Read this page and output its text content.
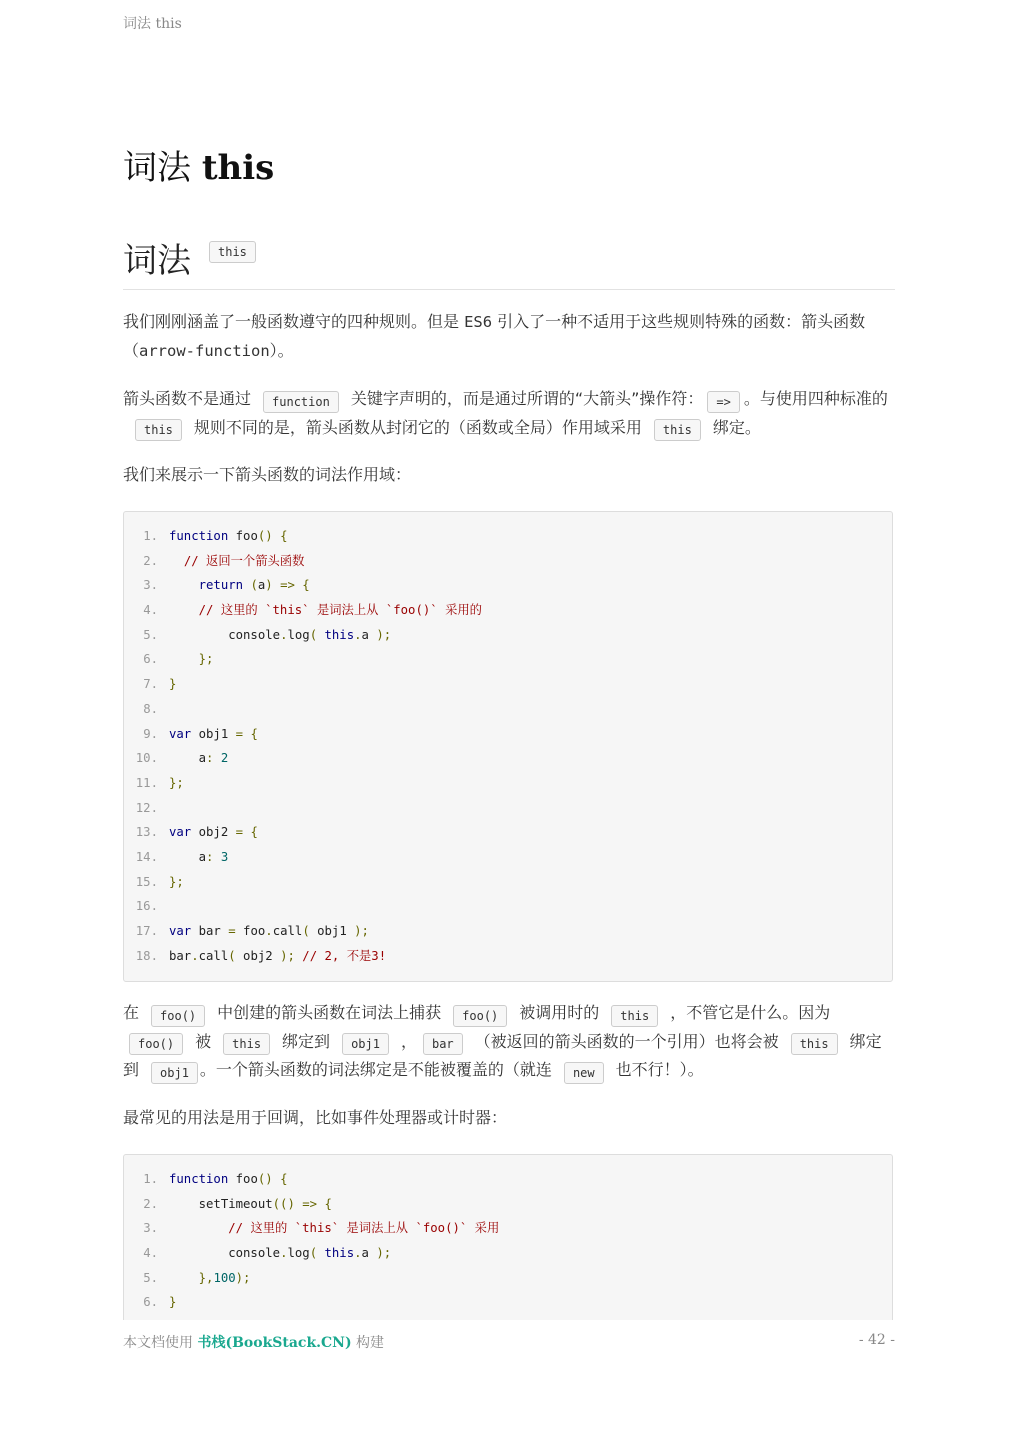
词法 this
词法 this
词法 this

我们刚刚涵盖了一般函数遵守的四种规则。但是 ES6 引入了一种不适用于这些规则特殊的函数：箭头函数（arrow-function）。

箭头函数不是通过 function 关键字声明的，而是通过所谓的“大箭头”操作符： => 。与使用四种标准的this 规则不同的是，箭头函数从封闭它的（函数或全局）作用域采用 this 绑定。

我们来展示一下箭头函数的词法作用域：

1. function foo() {
2. // 返回一个箭头函数
3.	return (a) => {
4.	// 这里的 `this` 是词法上从 `foo()` 采用的
5.        console.log( this.a );
6.	};
7. }
8.
9. var obj1 = {
10.    a: 2
11. };
12.
13. var obj2 = {
14.    a: 3
15. };
16.
17. var bar = foo.call( obj1 );
18. bar.call( obj2 ); // 2, 不是3!

在 foo() 中创建的箭头函数在词法上捕获 foo() 被调用时的 this ，不管它是什么。因为foo() 被 this 绑定到 obj1 ， bar （被返回的箭头函数的一个引用）也将会被 this 绑定到 obj1 。一个箭头函数的词法绑定是不能被覆盖的（就连 new 也不行！）。

最常见的用法是用于回调，比如事件处理器或计时器：

1. function foo() {
2.    setTimeout(() => {
3.	// 这里的 `this` 是词法上从 `foo()` 采用
4.        console.log( this.a );
5.	},100);
6. }
本文档使用 书栈(BookStack.CN) 构建	- 42 -
